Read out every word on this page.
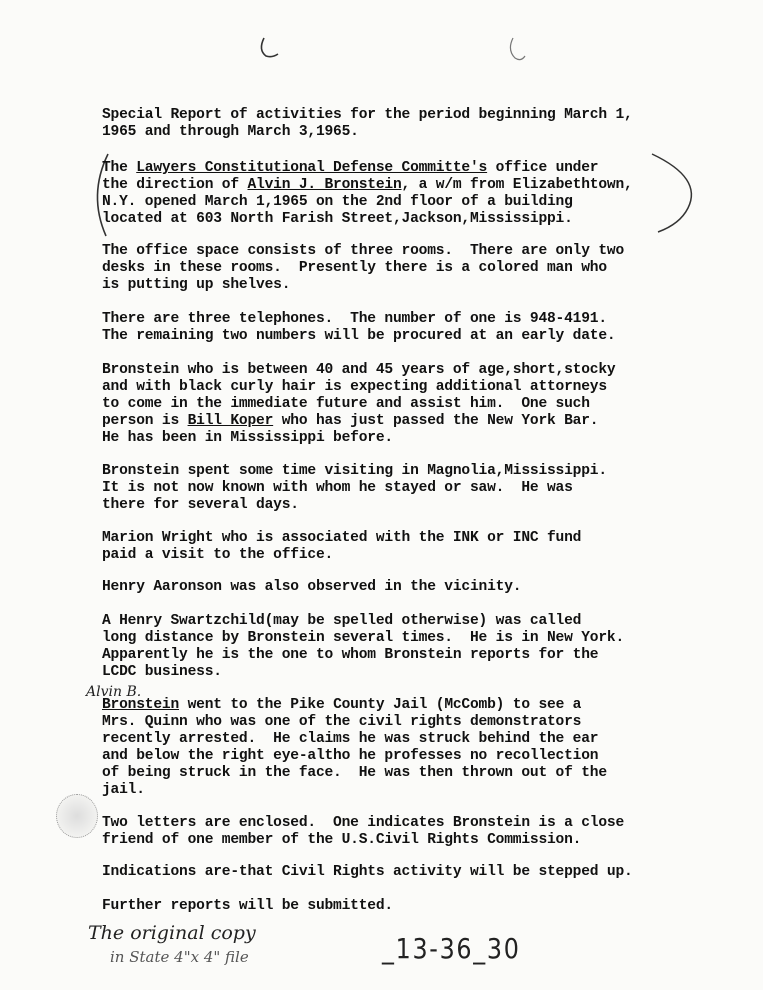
Special Report of activities for the period beginning March 1,
1965 and through March 3,1965.
The Lawyers Constitutional Defense Committe's office under
the direction of Alvin J. Bronstein, a w/m from Elizabethtown,
N.Y. opened March 1,1965 on the 2nd floor of a building
located at 603 North Farish Street,Jackson,Mississippi.
The office space consists of three rooms.  There are only two
desks in these rooms.  Presently there is a colored man who
is putting up shelves.
There are three telephones.  The number of one is 948-4191.
The remaining two numbers will be procured at an early date.
Bronstein who is between 40 and 45 years of age,short,stocky
and with black curly hair is expecting additional attorneys
to come in the immediate future and assist him.  One such
person is Bill Koper who has just passed the New York Bar.
He has been in Mississippi before.
Bronstein spent some time visiting in Magnolia,Mississippi.
It is not now known with whom he stayed or saw.  He was
there for several days.
Marion Wright who is associated with the INK or INC fund
paid a visit to the office.
Henry Aaronson was also observed in the vicinity.
A Henry Swartzchild(may be spelled otherwise) was called
long distance by Bronstein several times.  He is in New York.
Apparently he is the one to whom Bronstein reports for the
LCDC business.
Alvin B.
Bronstein went to the Pike County Jail (McComb) to see a
Mrs. Quinn who was one of the civil rights demonstrators
recently arrested.  He claims he was struck behind the ear
and below the right eye-altho he professes no recollection
of being struck in the face.  He was then thrown out of the
jail.
Two letters are enclosed.  One indicates Bronstein is a close
friend of one member of the U.S.Civil Rights Commission.
Indications are-that Civil Rights activity will be stepped up.
Further reports will be submitted.
The original copy
in State 4"x 4" file	_13-36_30
